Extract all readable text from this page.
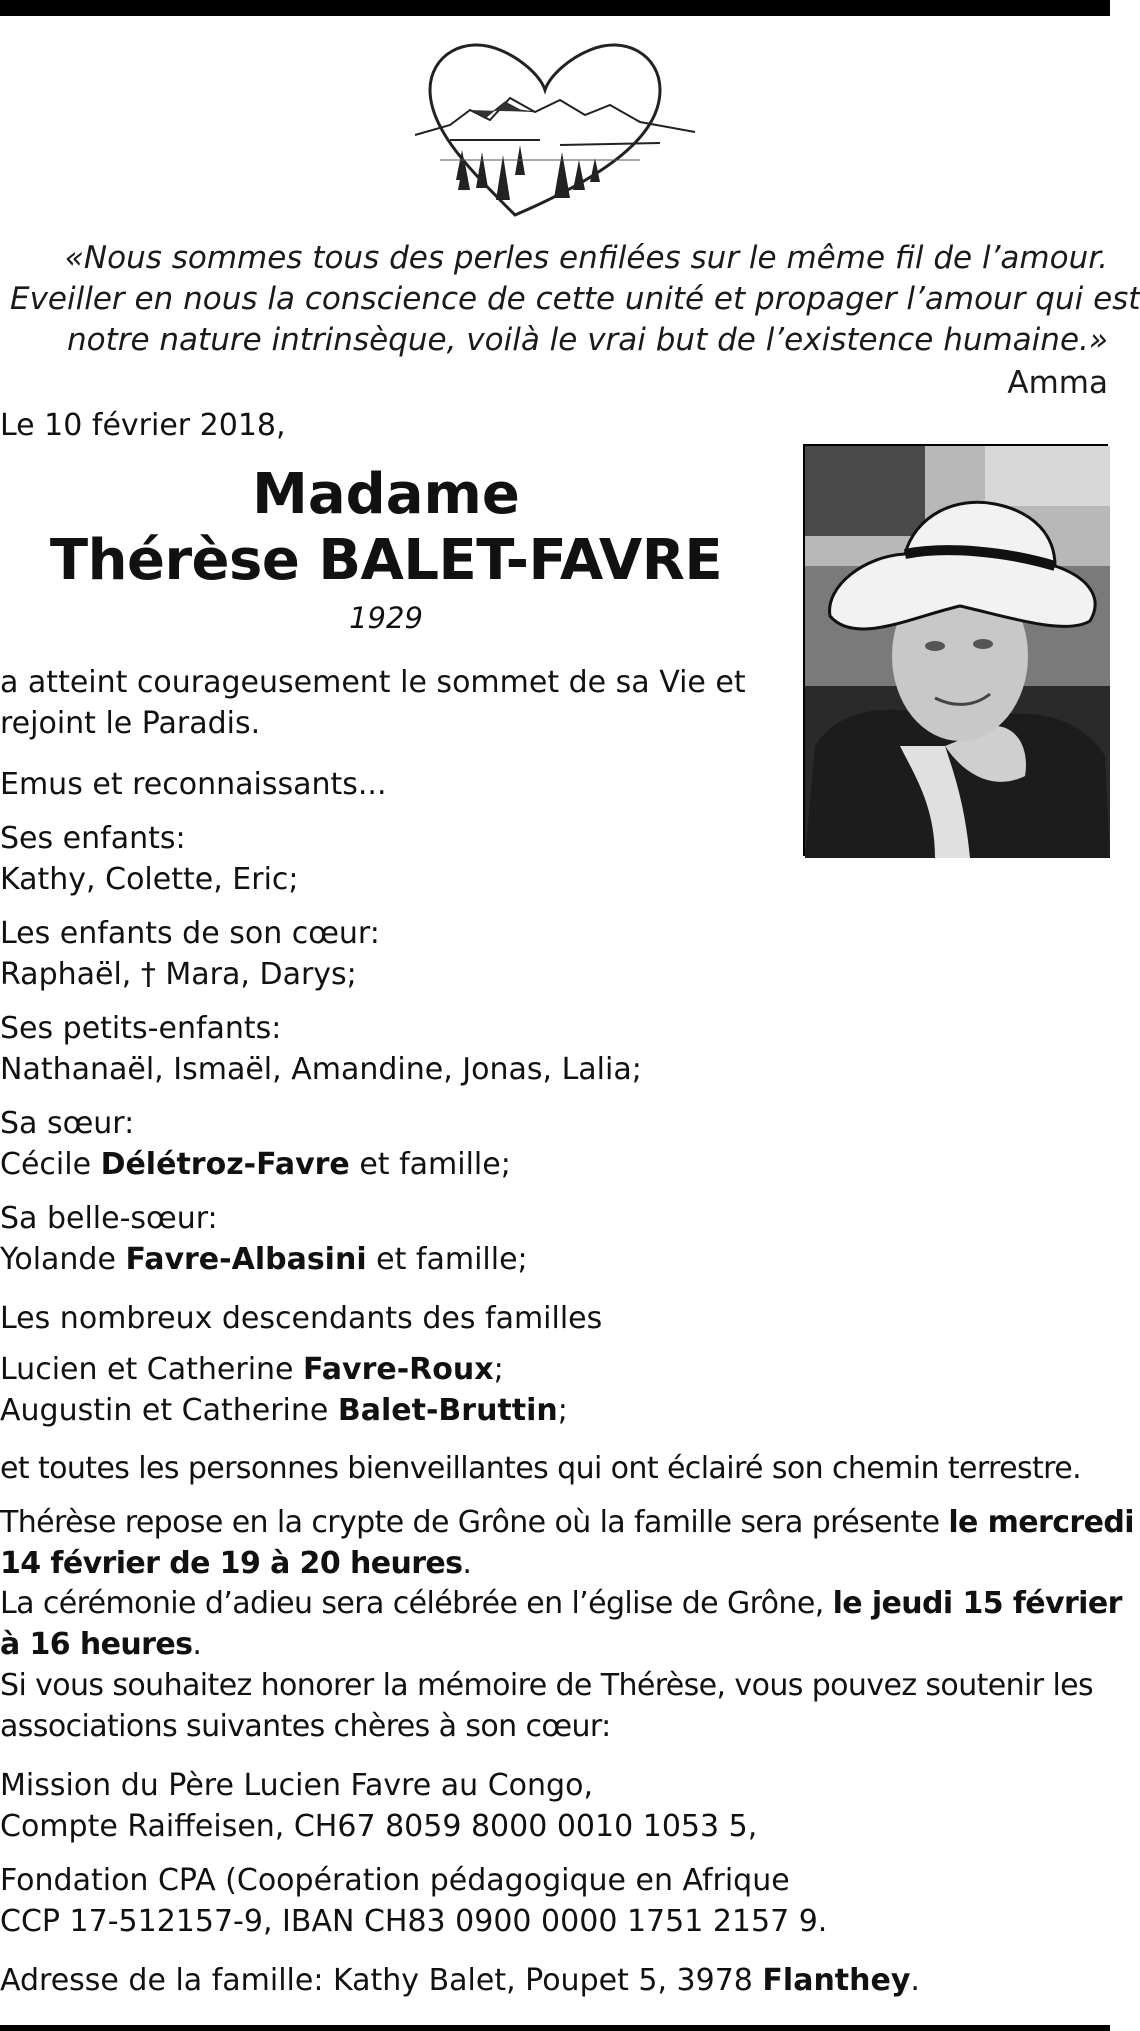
«Nous sommes tous des perles enfilées sur le même fil de l’amour.
Eveiller en nous la conscience de cette unité et propager l’amour qui est
notre nature intrinsèque, voilà le vrai but de l’existence humaine.»
Amma
Le 10 février 2018,
Madame
Thérèse BALET-FAVRE
1929
a atteint courageusement le sommet de sa Vie et
rejoint le Paradis.
Emus et reconnaissants...
Ses enfants:
Kathy, Colette, Eric;
Les enfants de son cœur:
Raphaël, † Mara, Darys;
Ses petits-enfants:
Nathanaël, Ismaël, Amandine, Jonas, Lalia;
Sa sœur:
Cécile Délétroz-Favre et famille;
Sa belle-sœur:
Yolande Favre-Albasini et famille;
Les nombreux descendants des familles
Lucien et Catherine Favre-Roux;
Augustin et Catherine Balet-Bruttin;
et toutes les personnes bienveillantes qui ont éclairé son chemin terrestre.
Thérèse repose en la crypte de Grône où la famille sera présente le mercredi
14 février de 19 à 20 heures.
La cérémonie d’adieu sera célébrée en l’église de Grône, le jeudi 15 février
à 16 heures.
Si vous souhaitez honorer la mémoire de Thérèse, vous pouvez soutenir les
associations suivantes chères à son cœur:
Mission du Père Lucien Favre au Congo,
Compte Raiffeisen, CH67 8059 8000 0010 1053 5,
Fondation CPA (Coopération pédagogique en Afrique
CCP 17-512157-9, IBAN CH83 0900 0000 1751 2157 9.
Adresse de la famille: Kathy Balet, Poupet 5, 3978 Flanthey.
